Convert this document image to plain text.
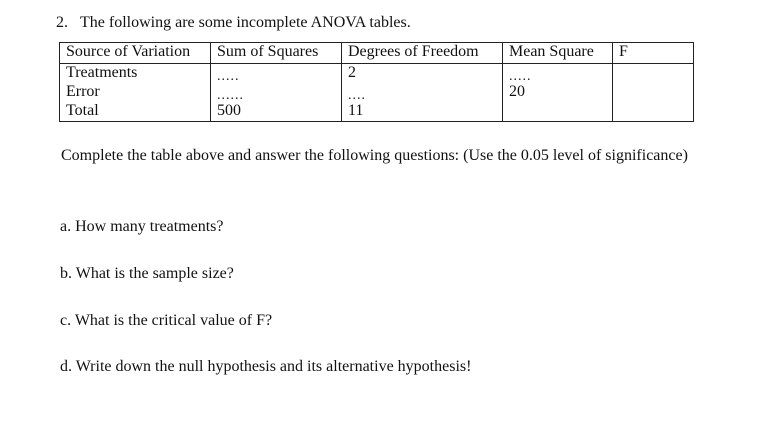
2. The following are some incomplete ANOVA tables.
Source of Variation	Sum of Squares	Degrees of Freedom	Mean Square	F
Treatments	.....	2	.....	
Error	......	....	20	
Total	500	11		
Complete the table above and answer the following questions: (Use the 0.05 level of significance)
a. How many treatments?
b. What is the sample size?
c. What is the critical value of F?
d. Write down the null hypothesis and its alternative hypothesis!
